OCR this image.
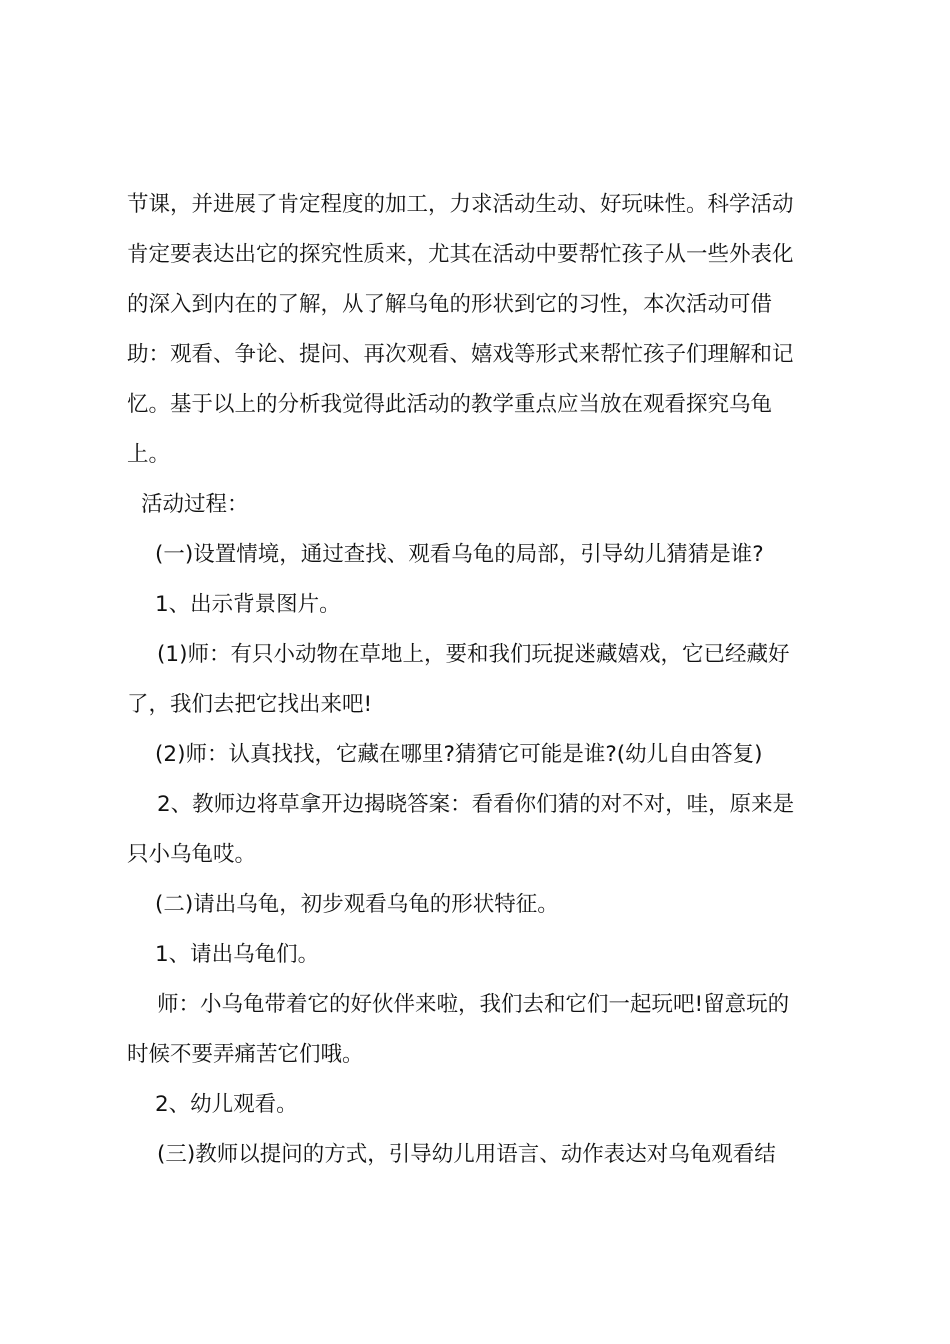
节课，并进展了肯定程度的加工，力求活动生动、好玩味性。科学活动
肯定要表达出它的探究性质来，尤其在活动中要帮忙孩子从一些外表化
的深入到内在的了解，从了解乌龟的形状到它的习性，本次活动可借
助：观看、争论、提问、再次观看、嬉戏等形式来帮忙孩子们理解和记
忆。基于以上的分析我觉得此活动的教学重点应当放在观看探究乌龟
上。
活动过程：
(一)设置情境，通过查找、观看乌龟的局部，引导幼儿猜猜是谁?
1、出示背景图片。
(1)师：有只小动物在草地上，要和我们玩捉迷藏嬉戏，它已经藏好
了，我们去把它找出来吧!
(2)师：认真找找，它藏在哪里?猜猜它可能是谁?(幼儿自由答复)
2、教师边将草拿开边揭晓答案：看看你们猜的对不对，哇，原来是
只小乌龟哎。
(二)请出乌龟，初步观看乌龟的形状特征。
1、请出乌龟们。
师：小乌龟带着它的好伙伴来啦，我们去和它们一起玩吧!留意玩的
时候不要弄痛苦它们哦。
2、幼儿观看。
(三)教师以提问的方式，引导幼儿用语言、动作表达对乌龟观看结
